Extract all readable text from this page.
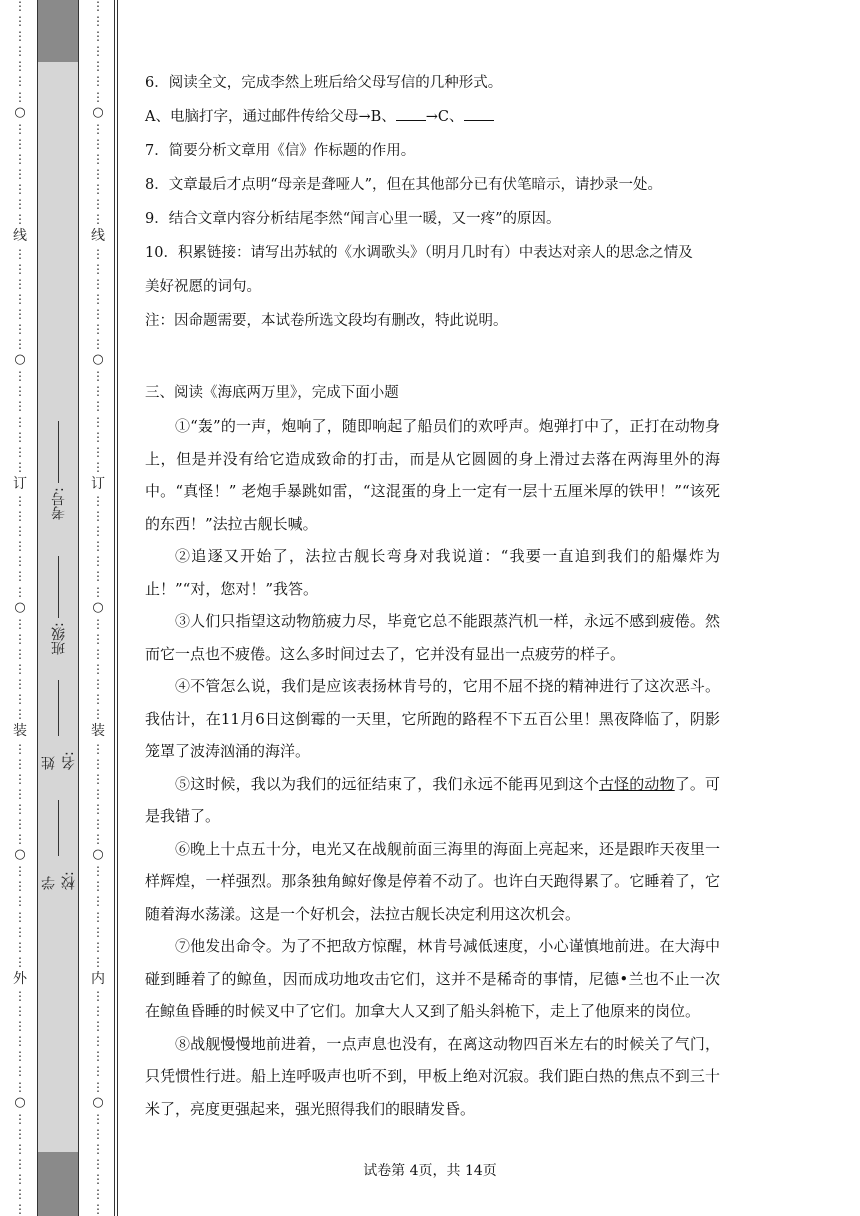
学校:
姓名:
班级:
考号:
⋮
⋮
⋮
⋮
⋮
⋮
⋮
○
⋮
⋮
⋮
⋮
⋮
⋮
⋮
线
⋮
⋮
⋮
⋮
⋮
⋮
⋮
○
⋮
⋮
⋮
⋮
⋮
⋮
⋮
订
⋮
⋮
⋮
⋮
⋮
⋮
⋮
○
⋮
⋮
⋮
⋮
⋮
⋮
⋮
装
⋮
⋮
⋮
⋮
⋮
⋮
⋮
○
⋮
⋮
⋮
⋮
⋮
⋮
⋮
外
⋮
⋮
⋮
⋮
⋮
⋮
⋮
○
⋮
⋮
⋮
⋮
⋮
⋮
⋮
⋮
⋮
⋮
⋮
⋮
⋮
⋮
○
⋮
⋮
⋮
⋮
⋮
⋮
⋮
线
⋮
⋮
⋮
⋮
⋮
⋮
⋮
○
⋮
⋮
⋮
⋮
⋮
⋮
⋮
订
⋮
⋮
⋮
⋮
⋮
⋮
⋮
○
⋮
⋮
⋮
⋮
⋮
⋮
⋮
装
⋮
⋮
⋮
⋮
⋮
⋮
⋮
○
⋮
⋮
⋮
⋮
⋮
⋮
⋮
内
⋮
⋮
⋮
⋮
⋮
⋮
⋮
○
⋮
⋮
⋮
⋮
⋮
⋮
⋮

6．阅读全文，完成李然上班后给父母写信的几种形式。

A、电脑打字，通过邮件传给父母→B、 →C、

7．简要分析文章用《信》作标题的作用。

8．文章最后才点明“母亲是聋哑人”，但在其他部分已有伏笔暗示，请抄录一处。

9．结合文章内容分析结尾李然“闻言心里一暖，又一疼”的原因。

10．积累链接：请写出苏轼的《水调歌头》（明月几时有）中表达对亲人的思念之情及

美好祝愿的词句。

注：因命题需要，本试卷所选文段均有删改，特此说明。

三、阅读《海底两万里》，完成下面小题

①“轰”的一声，炮响了，随即响起了船员们的欢呼声。炮弹打中了，正打在动物身上，但是并没有给它造成致命的打击，而是从它圆圆的身上滑过去落在两海里外的海中。“真怪！” 老炮手暴跳如雷，“这混蛋的身上一定有一层十五厘米厚的铁甲！”“该死的东西！”法拉古舰长喊。

②追逐又开始了，法拉古舰长弯身对我说道：“我要一直追到我们的船爆炸为止！”“对，您对！”我答。

③人们只指望这动物筋疲力尽，毕竟它总不能跟蒸汽机一样，永远不感到疲倦。然而它一点也不疲倦。这么多时间过去了，它并没有显出一点疲劳的样子。

④不管怎么说，我们是应该表扬林肯号的，它用不屈不挠的精神进行了这次恶斗。我估计，在11月6日这倒霉的一天里，它所跑的路程不下五百公里！黑夜降临了，阴影笼罩了波涛汹涌的海洋。

⑤这时候，我以为我们的远征结束了，我们永远不能再见到这个古怪的动物了。可是我错了。

⑥晚上十点五十分，电光又在战舰前面三海里的海面上亮起来，还是跟昨天夜里一样辉煌，一样强烈。那条独角鲸好像是停着不动了。也许白天跑得累了。它睡着了，它随着海水荡漾。这是一个好机会，法拉古舰长决定利用这次机会。

⑦他发出命令。为了不把敌方惊醒，林肯号减低速度，小心谨慎地前进。在大海中碰到睡着了的鲸鱼，因而成功地攻击它们，这并不是稀奇的事情，尼德•兰也不止一次在鲸鱼昏睡的时候叉中了它们。加拿大人又到了船头斜桅下，走上了他原来的岗位。

⑧战舰慢慢地前进着，一点声息也没有，在离这动物四百米左右的时候关了气门，只凭惯性行进。船上连呼吸声也听不到，甲板上绝对沉寂。我们距白热的焦点不到三十米了，亮度更强起来，强光照得我们的眼睛发昏。

试卷第 4页，共 14页
